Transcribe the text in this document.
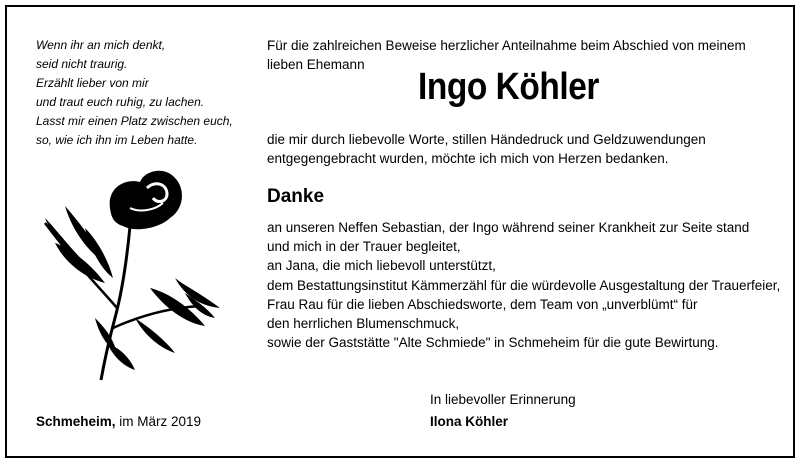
Wenn ihr an mich denkt,
seid nicht traurig.
Erzählt lieber von mir
und traut euch ruhig, zu lachen.
Lasst mir einen Platz zwischen euch,
so, wie ich ihn im Leben hatte.
Schmeheim, im März 2019
Für die zahlreichen Beweise herzlicher Anteilnahme beim Abschied von meinem
lieben Ehemann
Ingo Köhler
die mir durch liebevolle Worte, stillen Händedruck und Geldzuwendungen
entgegengebracht wurden, möchte ich mich von Herzen bedanken.
Danke
an unseren Neffen Sebastian, der Ingo während seiner Krankheit zur Seite stand
und mich in der Trauer begleitet,
an Jana, die mich liebevoll unterstützt,
dem Bestattungsinstitut Kämmerzähl für die würdevolle Ausgestaltung der Trauerfeier,
Frau Rau für die lieben Abschiedsworte, dem Team von „unverblümt“ für
den herrlichen Blumenschmuck,
sowie der Gaststätte "Alte Schmiede" in Schmeheim für die gute Bewirtung.
In liebevoller Erinnerung
Ilona Köhler
